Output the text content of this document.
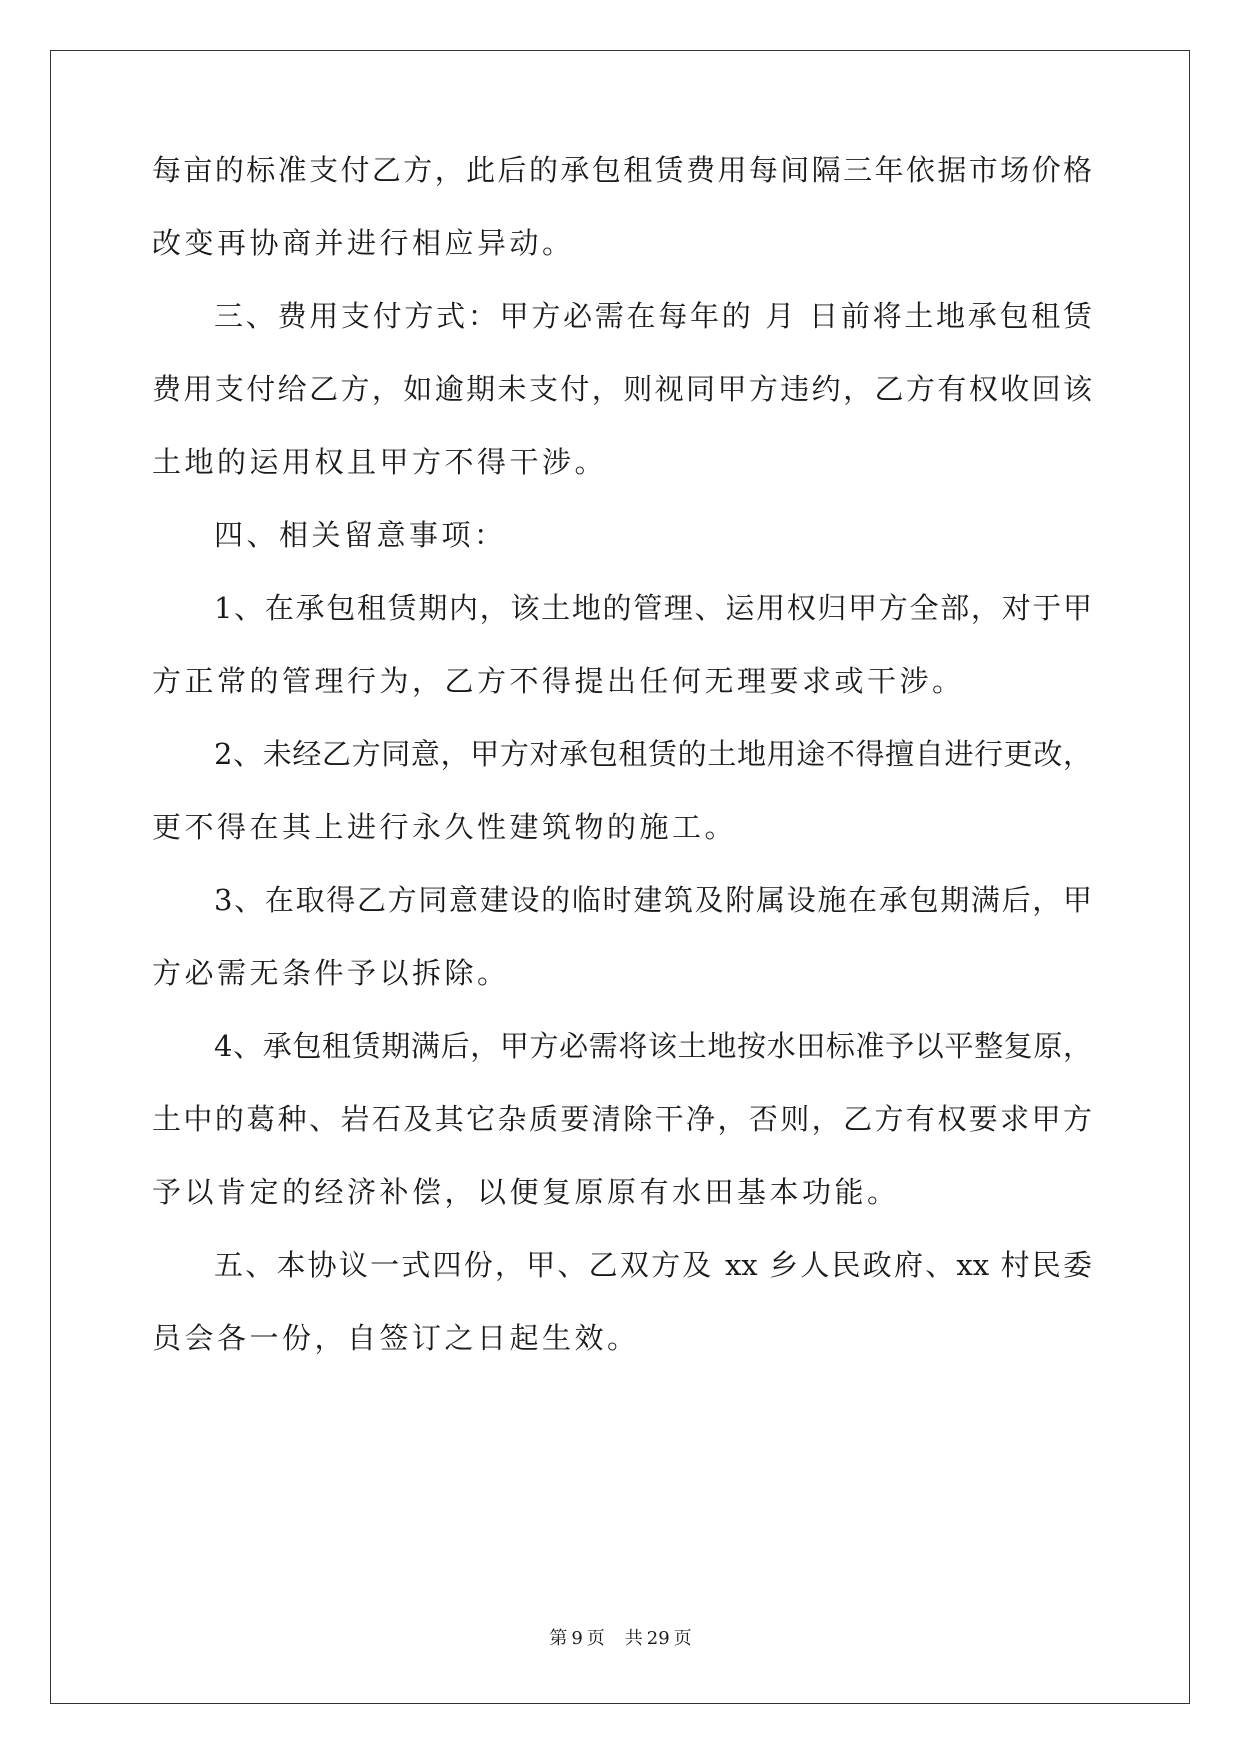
每亩的标准支付乙方，此后的承包租赁费用每间隔三年依据市场价格
改变再协商并进行相应异动。
三、费用支付方式：甲方必需在每年的 月 日前将土地承包租赁
费用支付给乙方，如逾期未支付，则视同甲方违约，乙方有权收回该
土地的运用权且甲方不得干涉。
四、相关留意事项：
1、在承包租赁期内，该土地的管理、运用权归甲方全部，对于甲
方正常的管理行为，乙方不得提出任何无理要求或干涉。
2、未经乙方同意，甲方对承包租赁的土地用途不得擅自进行更改，
更不得在其上进行永久性建筑物的施工。
3、在取得乙方同意建设的临时建筑及附属设施在承包期满后，甲
方必需无条件予以拆除。
4、承包租赁期满后，甲方必需将该土地按水田标准予以平整复原，
土中的葛种、岩石及其它杂质要清除干净，否则，乙方有权要求甲方
予以肯定的经济补偿，以便复原原有水田基本功能。
五、本协议一式四份，甲、乙双方及 xx 乡人民政府、xx 村民委
员会各一份，自签订之日起生效。
第 9 页 共 29 页
